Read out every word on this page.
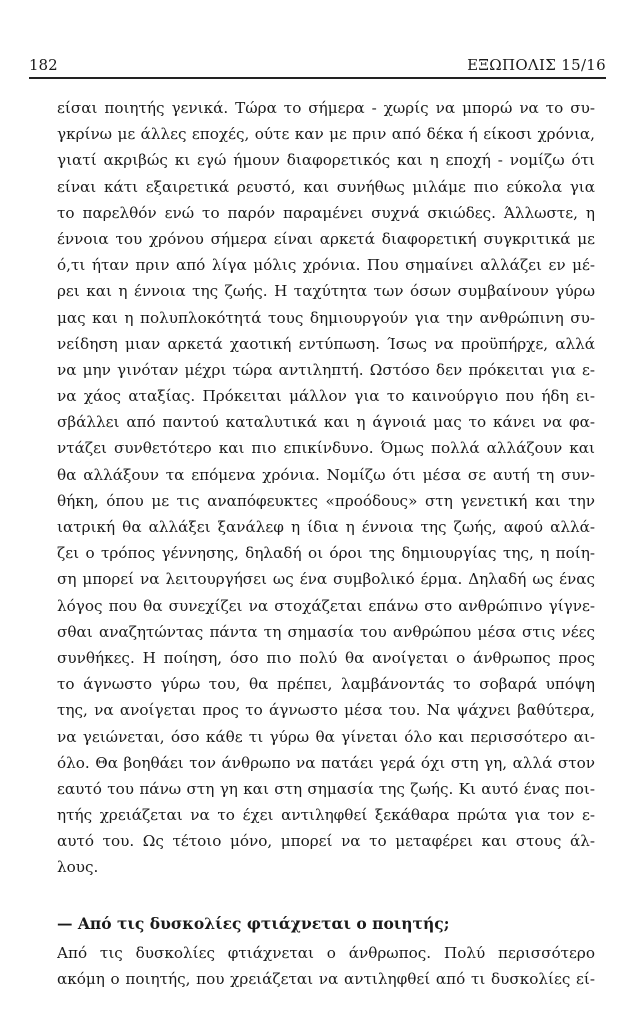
182	ΕΞΩΠΟΛΙΣ 15/16
είσαι ποιητής γενικά. Τώρα το σήμερα - χωρίς να μπορώ να το συ-
γκρίνω με άλλες εποχές, ούτε καν με πριν από δέκα ή είκοσι χρόνια,
γιατί ακριβώς κι εγώ ήμουν διαφορετικός και η εποχή - νομίζω ότι
είναι κάτι εξαιρετικά ρευστό, και συνήθως μιλάμε πιο εύκολα για
το παρελθόν ενώ το παρόν παραμένει συχνά σκιώδες. Άλλωστε, η
έννοια του χρόνου σήμερα είναι αρκετά διαφορετική συγκριτικά με
ό,τι ήταν πριν από λίγα μόλις χρόνια. Που σημαίνει αλλάζει εν μέ-
ρει και η έννοια της ζωής. Η ταχύτητα των όσων συμβαίνουν γύρω
μας και η πολυπλοκότητά τους δημιουργούν για την ανθρώπινη συ-
νείδηση μιαν αρκετά χαοτική εντύπωση. Ίσως να προϋπήρχε, αλλά
να μην γινόταν μέχρι τώρα αντιληπτή. Ωστόσο δεν πρόκειται για ε-
να χάος αταξίας. Πρόκειται μάλλον για το καινούργιο που ήδη ει-
σβάλλει από παντού καταλυτικά και η άγνοιά μας το κάνει να φα-
ντάζει συνθετότερο και πιο επικίνδυνο. Όμως πολλά αλλάζουν και
θα αλλάξουν τα επόμενα χρόνια. Νομίζω ότι μέσα σε αυτή τη συν-
θήκη, όπου με τις αναπόφευκτες «προόδους» στη γενετική και την
ιατρική θα αλλάξει ξανάλεφ η ίδια η έννοια της ζωής, αφού αλλά-
ζει ο τρόπος γέννησης, δηλαδή οι όροι της δημιουργίας της, η ποίη-
ση μπορεί να λειτουργήσει ως ένα συμβολικό έρμα. Δηλαδή ως ένας
λόγος που θα συνεχίζει να στοχάζεται επάνω στο ανθρώπινο γίγνε-
σθαι αναζητώντας πάντα τη σημασία του ανθρώπου μέσα στις νέες
συνθήκες. Η ποίηση, όσο πιο πολύ θα ανοίγεται ο άνθρωπος προς
το άγνωστο γύρω του, θα πρέπει, λαμβάνοντάς το σοβαρά υπόψη
της, να ανοίγεται προς το άγνωστο μέσα του. Να ψάχνει βαθύτερα,
να γειώνεται, όσο κάθε τι γύρω θα γίνεται όλο και περισσότερο αι-
όλο. Θα βοηθάει τον άνθρωπο να πατάει γερά όχι στη γη, αλλά στον
εαυτό του πάνω στη γη και στη σημασία της ζωής. Κι αυτό ένας ποι-
ητής χρειάζεται να το έχει αντιληφθεί ξεκάθαρα πρώτα για τον ε-
αυτό του. Ως τέτοιο μόνο, μπορεί να το μεταφέρει και στους άλ-
λους.
— Από τις δυσκολίες φτιάχνεται ο ποιητής;
Από τις δυσκολίες φτιάχνεται ο άνθρωπος. Πολύ περισσότερο
ακόμη ο ποιητής, που χρειάζεται να αντιληφθεί από τι δυσκολίες εί-
